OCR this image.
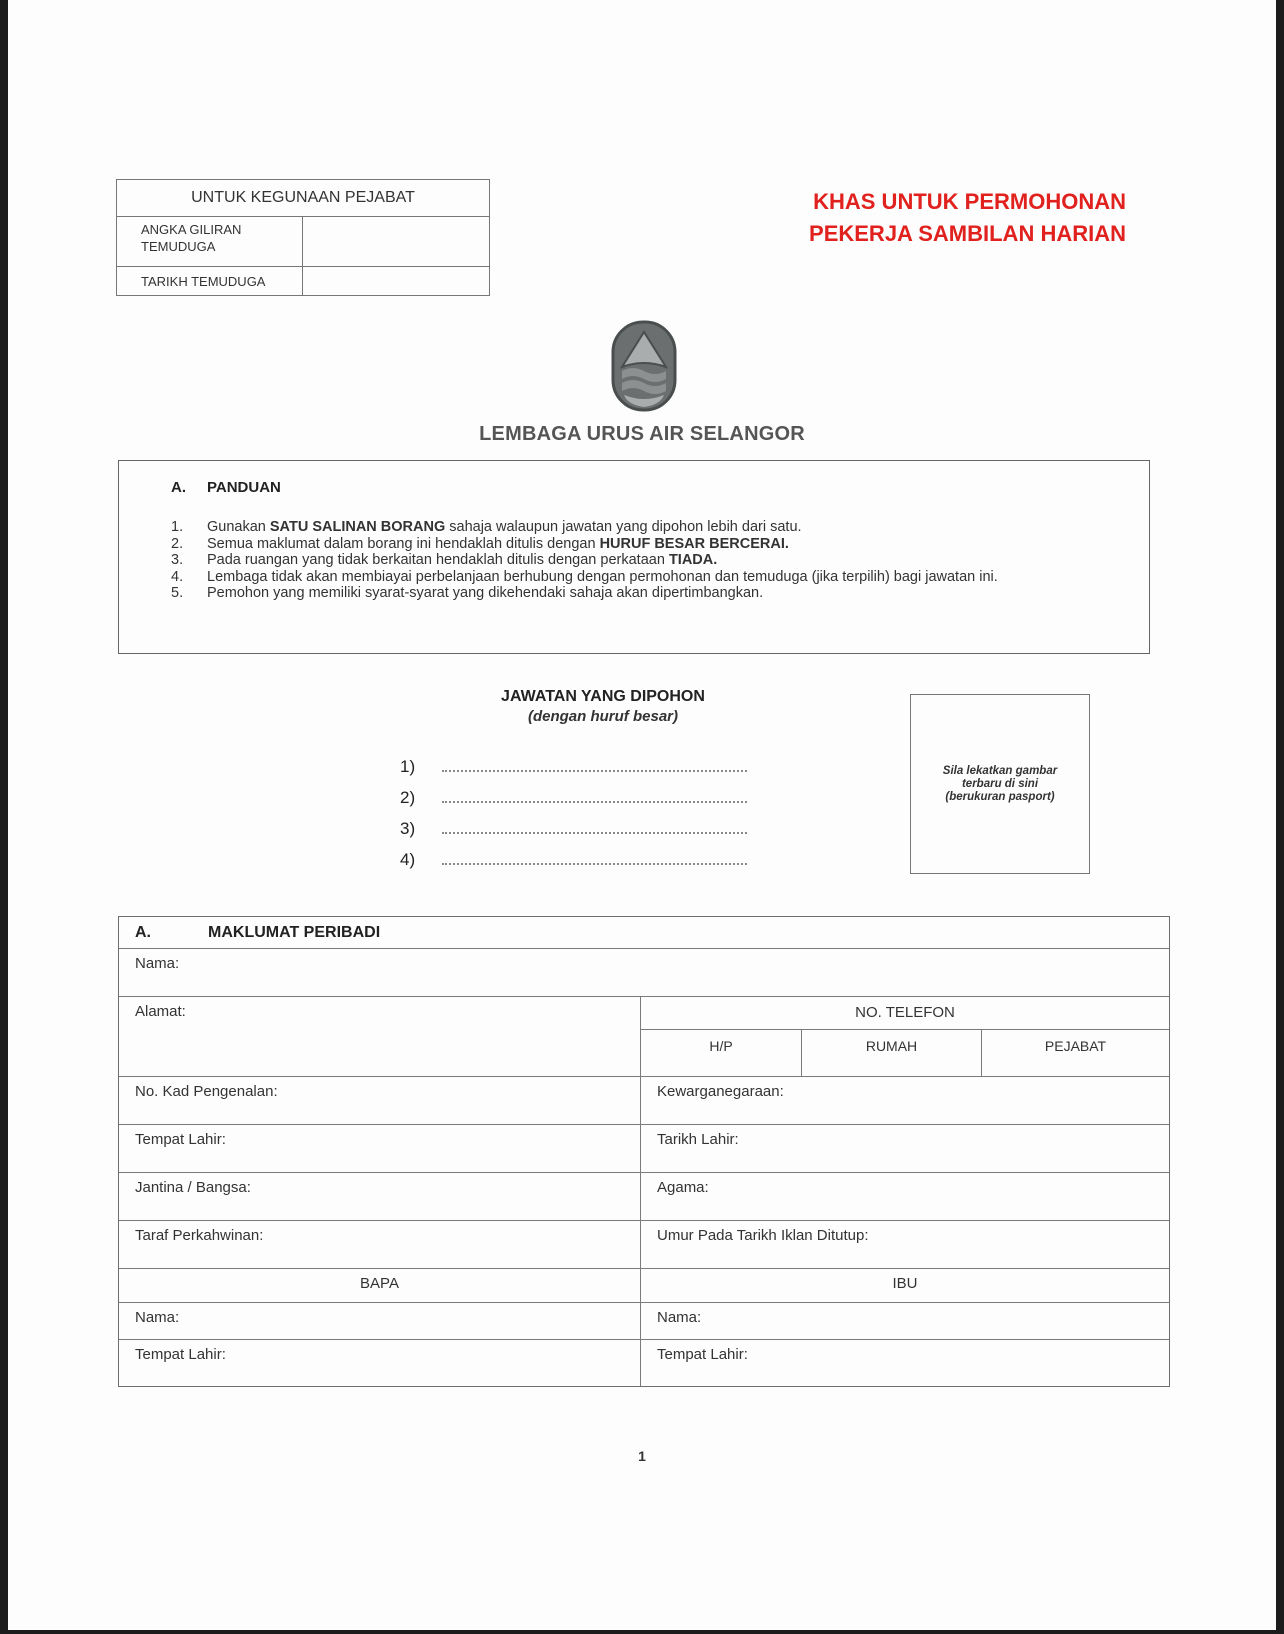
UNTUK KEGUNAAN PEJABAT
ANGKA GILIRAN
TEMUDUGA
TARIKH TEMUDUGA
KHAS UNTUK PERMOHONAN
PEKERJA SAMBILAN HARIAN
LEMBAGA URUS AIR SELANGOR
A. PANDUAN
1.	Gunakan SATU SALINAN BORANG sahaja walaupun jawatan yang dipohon lebih dari satu.
2.	Semua maklumat dalam borang ini hendaklah ditulis dengan HURUF BESAR BERCERAI.
3.	Pada ruangan yang tidak berkaitan hendaklah ditulis dengan perkataan TIADA.
4.	Lembaga tidak akan membiayai perbelanjaan berhubung dengan permohonan dan temuduga (jika terpilih) bagi jawatan ini.
5.	Pemohon yang memiliki syarat-syarat yang dikehendaki sahaja akan dipertimbangkan.
JAWATAN YANG DIPOHON
(dengan huruf besar)
1)
2)
3)
4)
Sila lekatkan gambar
terbaru di sini
(berukuran pasport)
A.	MAKLUMAT PERIBADI
Nama:
Alamat:	NO. TELEFON
H/P	RUMAH	PEJABAT
No. Kad Pengenalan:	Kewarganegaraan:
Tempat Lahir:	Tarikh Lahir:
Jantina / Bangsa:	Agama:
Taraf Perkahwinan:	Umur Pada Tarikh Iklan Ditutup:
BAPA	IBU
Nama:	Nama:
Tempat Lahir:	Tempat Lahir:
1
